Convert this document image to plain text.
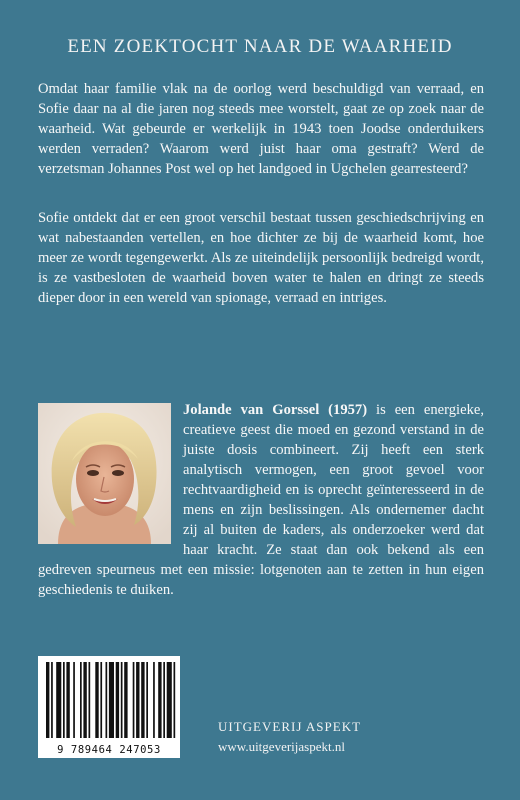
EEN ZOEKTOCHT NAAR DE WAARHEID

Omdat haar familie vlak na de oorlog werd beschuldigd van verraad, en Sofie daar na al die jaren nog steeds mee worstelt, gaat ze op zoek naar de waarheid. Wat gebeurde er werkelijk in 1943 toen Joodse onderduikers werden verraden? Waarom werd juist haar oma gestraft? Werd de verzetsman Johannes Post wel op het landgoed in Ugchelen gearresteerd?

Sofie ontdekt dat er een groot verschil bestaat tussen geschiedschrijving en wat nabestaanden vertellen, en hoe dichter ze bij de waarheid komt, hoe meer ze wordt tegengewerkt. Als ze uiteindelijk persoonlijk bedreigd wordt, is ze vastbesloten de waarheid boven water te halen en dringt ze steeds dieper door in een wereld van spionage, verraad en intriges.

Jolande van Gorssel (1957)
is een energieke, creatieve geest die moed en gezond verstand in de juiste dosis combineert. Zij heeft een sterk analytisch vermogen, een groot gevoel voor rechtvaardigheid en is oprecht geïnteresseerd in de mens en zijn beslissingen. Als ondernemer dacht zij al buiten de kaders, als onderzoeker werd dat haar kracht. Ze staat dan ook bekend als een gedreven speurneus met een missie: lotgenoten aan te zetten in hun eigen geschiedenis te duiken.
9 789464 247053

UITGEVERIJ ASPEKT

www.uitgeverijaspekt.nl
